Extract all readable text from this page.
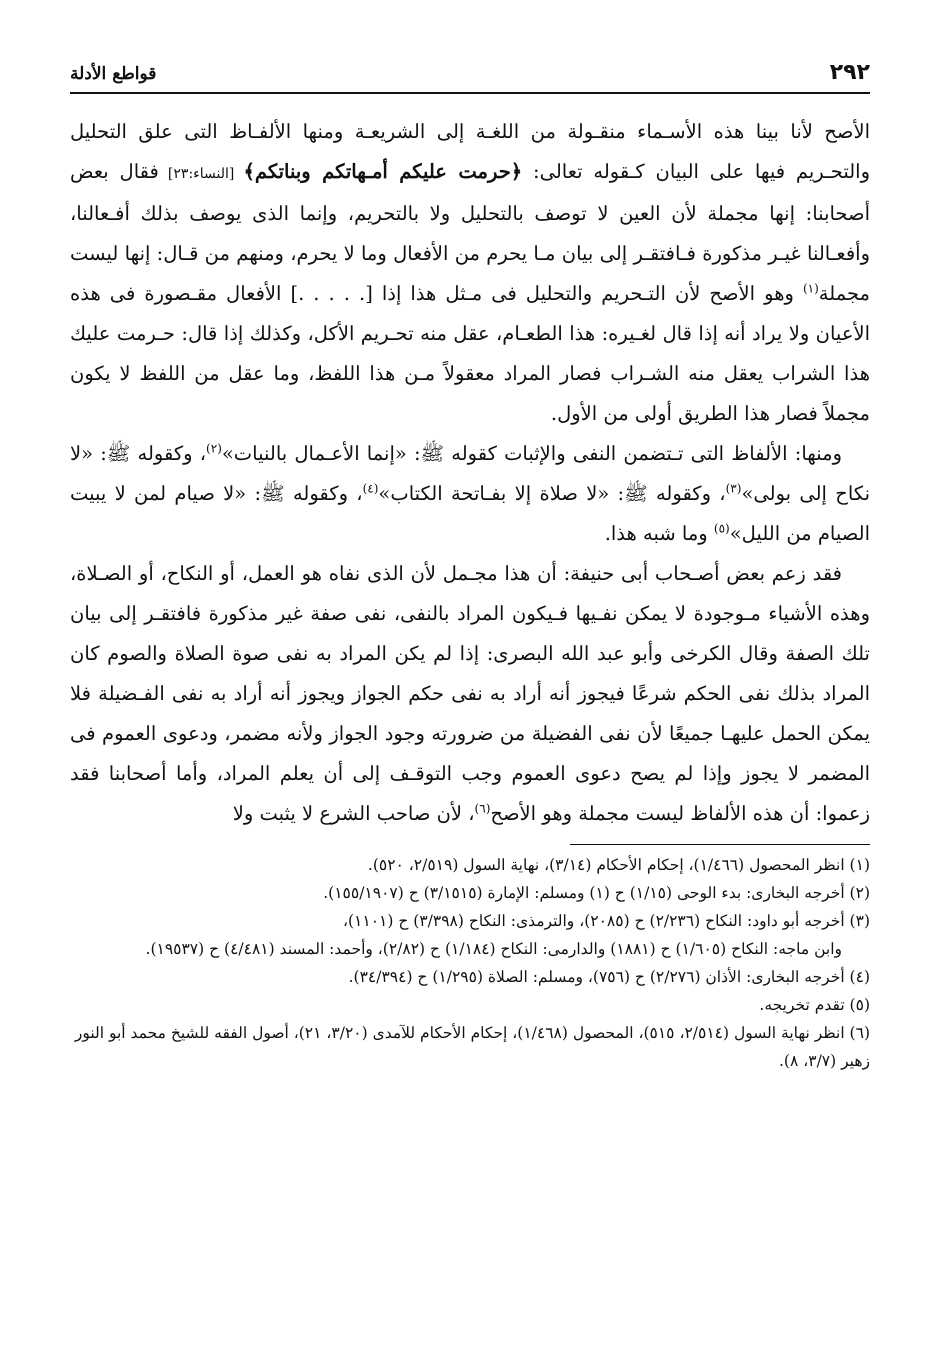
٢٩٢
قواطع الأدلة

الأصح لأنا بينا هذه الأسـماء منقـولة من اللغـة إلى الشريعـة ومنها الألفـاظ التى علق التحليل والتحـريم فيها على البيان كـقوله تعالى: ﴿حرمت عليكم أمـهاتكم وبناتكم﴾ [النساء:٢٣] فقال بعض أصحابنا: إنها مجملة لأن العين لا توصف بالتحليل ولا بالتحريم، وإنما الذى يوصف بذلك أفـعالنا، وأفعـالنا غيـر مذكورة فـافتقـر إلى بيان مـا يحرم من الأفعال وما لا يحرم، ومنهم من قـال: إنها ليست مجملة$^{(١)}$ وهو الأصح لأن التـحريم والتحليل فى مـثل هذا إذا [. . . . .] الأفعال مقـصورة فى هذه الأعيان ولا يراد أنه إذا قال لغـيره: هذا الطعـام، عقل منه تحـريم الأكل، وكذلك إذا قال: حـرمت عليك هذا الشراب يعقل منه الشـراب فصار المراد معقولاً مـن هذا اللفظ، وما عقل من اللفظ لا يكون مجملاً فصار هذا الطريق أولى من الأول.

ومنها: الألفاظ التى تـتضمن النفى والإثبات كقوله ﷺ: «إنما الأعـمال بالنيات»$^{(٢)}$، وكقوله ﷺ: «لا نكاح إلى بولى»$^{(٣)}$، وكقوله ﷺ: «لا صلاة إلا بفـاتحة الكتاب»$^{(٤)}$، وكقوله ﷺ: «لا صيام لمن لا يبيت الصيام من الليل»$^{(٥)}$ وما شبه هذا.

فقد زعم بعض أصـحاب أبى حنيفة: أن هذا مجـمل لأن الذى نفاه هو العمل، أو النكاح، أو الصـلاة، وهذه الأشياء مـوجودة لا يمكن نفـيها فـيكون المراد بالنفى، نفى صفة غير مذكورة فافتقـر إلى بيان تلك الصفة وقال الكرخى وأبو عبد الله البصرى: إذا لم يكن المراد به نفى صوة الصلاة والصوم كان المراد بذلك نفى الحكم شرعًا فيجوز أنه أراد به نفى حكم الجواز ويجوز أنه أراد به نفى الفـضيلة فلا يمكن الحمل عليهـا جميعًا لأن نفى الفضيلة من ضرورته وجود الجواز ولأنه مضمر، ودعوى العموم فى المضمر لا يجوز وإذا لم يصح دعوى العموم وجب التوقـف إلى أن يعلم المراد، وأما أصحابنا فقد زعموا: أن هذه الألفاظ ليست مجملة وهو الأصح$^{(٦)}$، لأن صاحب الشرع لا يثبت ولا

(١) انظر المحصول (١/٤٦٦)، إحكام الأحكام (٣/١٤)، نهاية السول (٢/٥١٩، ٥٢٠).

(٢) أخرجه البخارى: بدء الوحى (١/١٥) ح (١) ومسلم: الإمارة (٣/١٥١٥) ح (١٥٥/١٩٠٧).

(٣) أخرجه أبو داود: النكاح (٢/٢٣٦) ح (٢٠٨٥)، والترمذى: النكاح (٣/٣٩٨) ح (١١٠١)،

وابن ماجه: النكاح (١/٦٠٥) ح (١٨٨١) والدارمى: النكاح (١/١٨٤) ح (٢/٨٢)، وأحمد: المسند (٤/٤٨١) ح (١٩٥٣٧).

(٤) أخرجه البخارى: الأذان (٢/٢٧٦) ح (٧٥٦)، ومسلم: الصلاة (١/٢٩٥) ح (٣٤/٣٩٤).

(٥) تقدم تخريجه.

(٦) انظر نهاية السول (٢/٥١٤، ٥١٥)، المحصول (١/٤٦٨)، إحكام الأحكام للآمدى (٣/٢٠، ٢١)، أصول الفقه للشيخ محمد أبو النور زهير (٣/٧، ٨).
